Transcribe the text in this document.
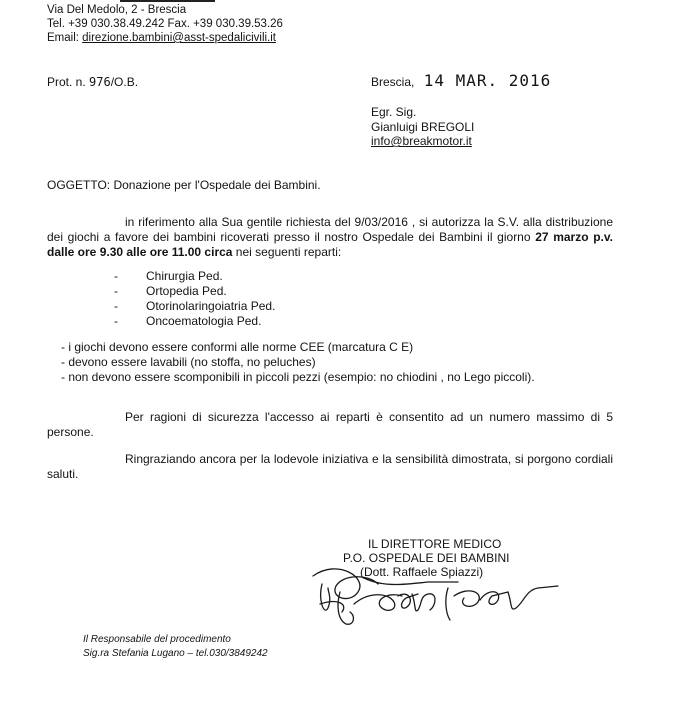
Via Del Medolo, 2 - Brescia
Tel. +39 030.38.49.242 Fax. +39 030.39.53.26
Email: direzione.bambini@asst-spedalicivili.it
Prot. n. 976/O.B.	Brescia, 14 MAR. 2016
Egr. Sig.
Gianluigi BREGOLI
info@breakmotor.it
OGGETTO: Donazione per l'Ospedale dei Bambini.
in riferimento alla Sua gentile richiesta del 9/03/2016 , si autorizza la S.V. alla distribuzione dei giochi a favore dei bambini ricoverati presso il nostro Ospedale dei Bambini il giorno 27 marzo p.v. dalle ore 9.30 alle ore 11.00 circa nei seguenti reparti:
- Chirurgia Ped.
- Ortopedia Ped.
- Otorinolaringoiatria Ped.
- Oncoematologia Ped.
- i giochi devono essere conformi alle norme CEE (marcatura C E)
- devono essere lavabili (no stoffa, no peluches)
- non devono essere scomponibili in piccoli pezzi (esempio: no chiodini , no Lego piccoli).
Per ragioni di sicurezza l'accesso ai reparti è consentito ad un numero massimo di 5 persone.
Ringraziando ancora per la lodevole iniziativa e la sensibilità dimostrata, si porgono cordiali saluti.
IL DIRETTORE MEDICO
P.O. OSPEDALE DEI BAMBINI
(Dott. Raffaele Spiazzi)
Il Responsabile del procedimento
Sig.ra Stefania Lugano – tel.030/3849242
